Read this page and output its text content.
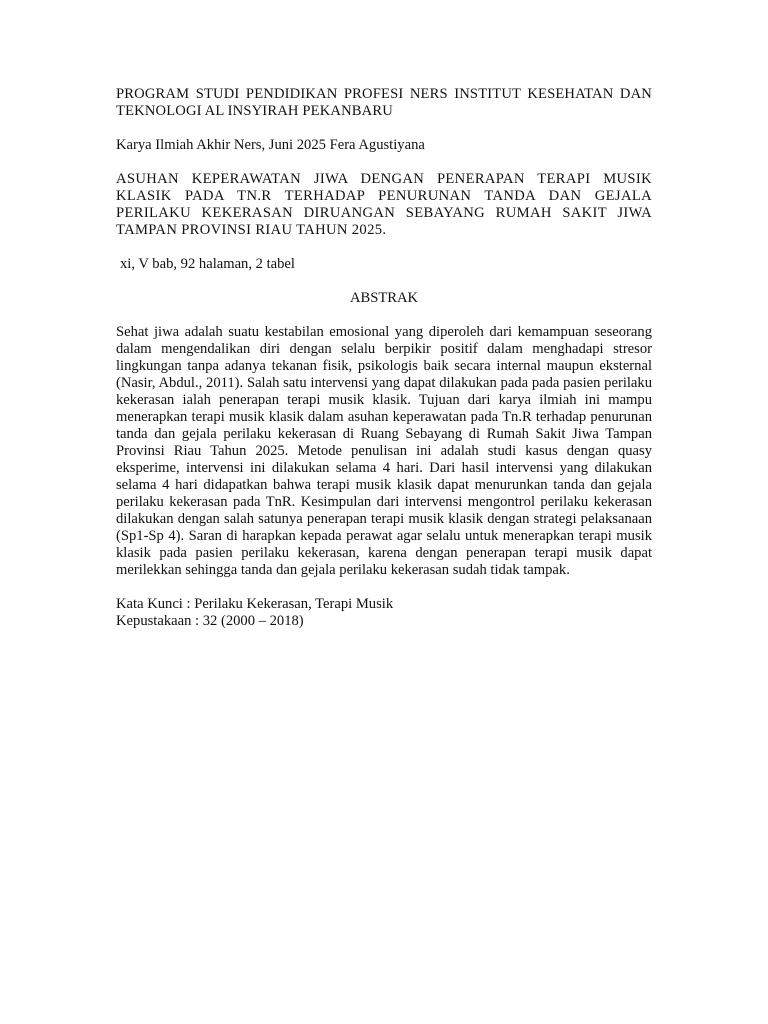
PROGRAM STUDI PENDIDIKAN PROFESI NERS INSTITUT KESEHATAN DAN TEKNOLOGI AL INSYIRAH PEKANBARU

Karya Ilmiah Akhir Ners, Juni 2025 Fera Agustiyana

ASUHAN KEPERAWATAN JIWA DENGAN PENERAPAN TERAPI MUSIK KLASIK PADA TN.R TERHADAP PENURUNAN TANDA DAN GEJALA PERILAKU KEKERASAN DIRUANGAN SEBAYANG RUMAH SAKIT JIWA TAMPAN PROVINSI RIAU TAHUN 2025.

xi, V bab, 92 halaman, 2 tabel

ABSTRAK

Sehat jiwa adalah suatu kestabilan emosional yang diperoleh dari kemampuan seseorang dalam mengendalikan diri dengan selalu berpikir positif dalam menghadapi stresor lingkungan tanpa adanya tekanan fisik, psikologis baik secara internal maupun eksternal (Nasir, Abdul., 2011). Salah satu intervensi yang dapat dilakukan pada pada pasien perilaku kekerasan ialah penerapan terapi musik klasik. Tujuan dari karya ilmiah ini mampu menerapkan terapi musik klasik dalam asuhan keperawatan pada Tn.R terhadap penurunan tanda dan gejala perilaku kekerasan di Ruang Sebayang di Rumah Sakit Jiwa Tampan Provinsi Riau Tahun 2025. Metode penulisan ini adalah studi kasus dengan quasy eksperime, intervensi ini dilakukan selama 4 hari. Dari hasil intervensi yang dilakukan selama 4 hari didapatkan bahwa terapi musik klasik dapat menurunkan tanda dan gejala perilaku kekerasan pada TnR. Kesimpulan dari intervensi mengontrol perilaku kekerasan dilakukan dengan salah satunya penerapan terapi musik klasik dengan strategi pelaksanaan (Sp1-Sp 4). Saran di harapkan kepada perawat agar selalu untuk menerapkan terapi musik klasik pada pasien perilaku kekerasan, karena dengan penerapan terapi musik dapat merilekkan sehingga tanda dan gejala perilaku kekerasan sudah tidak tampak.

Kata Kunci : Perilaku Kekerasan, Terapi Musik

Kepustakaan : 32 (2000 – 2018)
